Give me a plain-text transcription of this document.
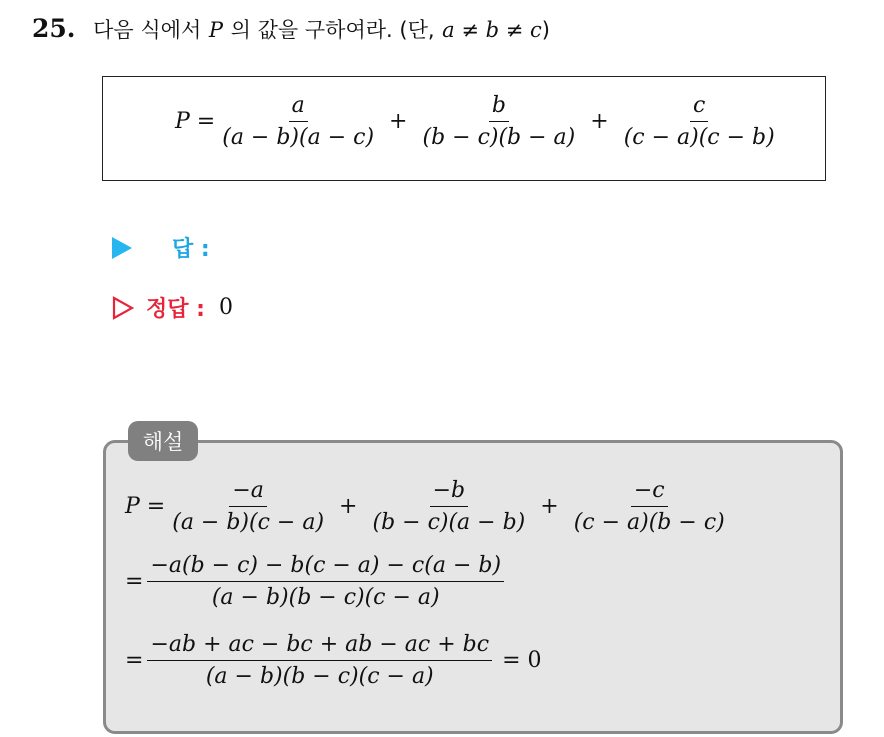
25. 다음 식에서 P 의 값을 구하여라. (단, a ≠ b ≠ c)
$P = \frac{a}{(a - b)(a - c)} + \frac{b}{(b - c)(b - a)} + \frac{c}{(c - a)(c - b)}$
답 :
정답 : 0
해설
$P = \frac{-a}{(a - b)(c - a)} + \frac{-b}{(b - c)(a - b)} + \frac{-c}{(c - a)(b - c)}$
= $\frac{-a(b - c) - b(c - a) - c(a - b)}{(a - b)(b - c)(c - a)}$
= $\frac{-ab + ac - bc + ab - ac + bc}{(a - b)(b - c)(c - a)} = 0$
